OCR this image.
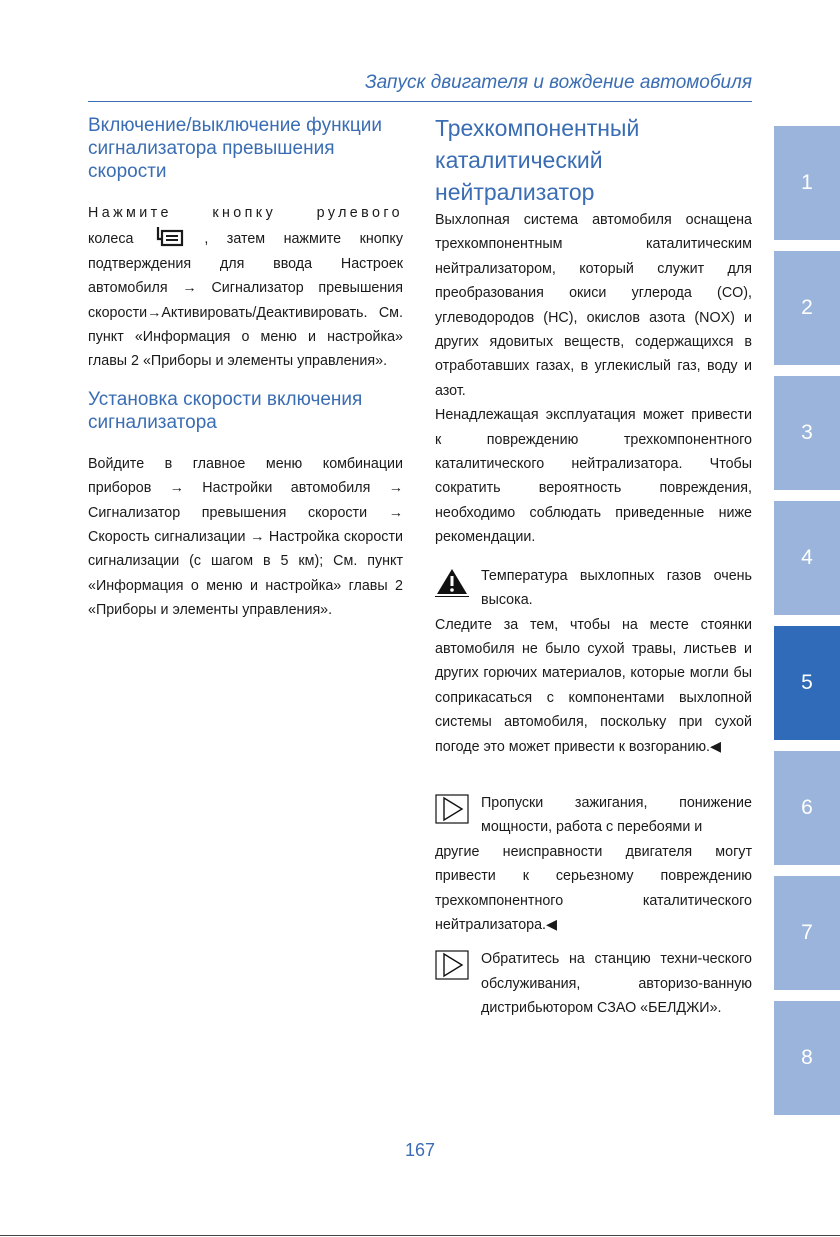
Запуск двигателя и вождение автомобиля
Включение/выключение функции сигнализатора превышения скорости

Нажмите кнопку рулевого

колеса	, затем нажмите кнопку

подтверждения для ввода Настроек автомобиля → Сигнализатор превышения скорости→Активировать/Деактивировать. См. пункт «Информация о меню и настройка» главы 2 «Приборы и элементы управления».

Установка скорости включения сигнализатора

Войдите в главное меню комбинации приборов → Настройки автомобиля → Сигнализатор превышения скорости → Скорость сигнализации → Настройка скорости сигнализации (с шагом в 5 км); См. пункт «Информация о меню и настройка» главы 2 «Приборы и элементы управления».

Трехкомпонентный каталитический нейтрализатор

Выхлопная система автомобиля оснащена трехкомпонентным каталитическим нейтрализатором, который служит для преобразования окиси углерода (CO), углеводородов (HC), окислов азота (NOX) и других ядовитых веществ, содержащихся в отработавших газах, в углекислый газ, воду и азот.

Ненадлежащая эксплуатация может привести к повреждению трехкомпонентного каталитического нейтрализатора. Чтобы сократить вероятность повреждения, необходимо соблюдать приведенные ниже рекомендации.

Температура выхлопных газов очень высока.

Следите за тем, чтобы на месте стоянки автомобиля не было сухой травы, листьев и других горючих материалов, которые могли бы соприкасаться с компонентами выхлопной системы автомобиля, поскольку при сухой погоде это может привести к возгоранию.◀

Пропуски зажигания, понижение мощности, работа с перебоями и

другие неисправности двигателя могут привести к серьезному повреждению трехкомпонентного каталитического нейтрализатора.◀

Обратитесь на станцию техни-ческого обслуживания, авторизо-ванную дистрибьютором СЗАО «БЕЛДЖИ».

1
2
3
4
5
6
7
8
167
